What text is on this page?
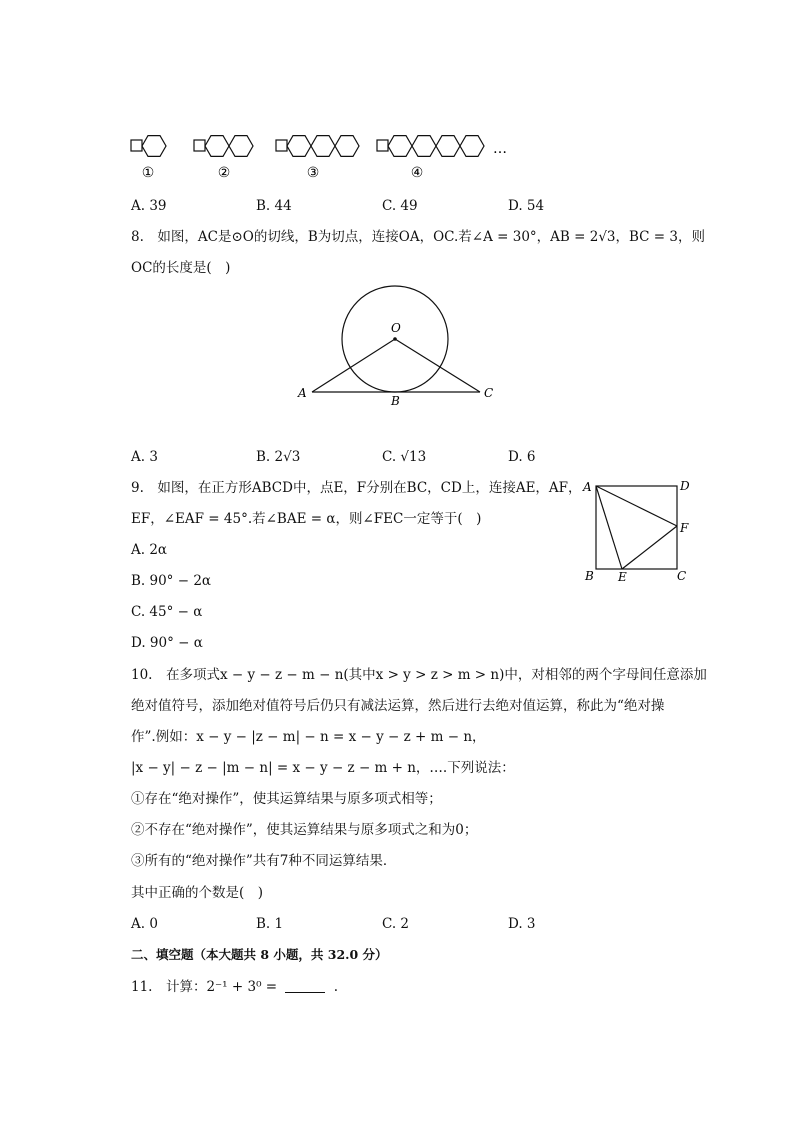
①	②	③	④
…
A. 39	B. 44	C. 49	D. 54
8.　如图，AC是⊙O的切线，B为切点，连接OA，OC.若∠A = 30°，AB = 2√3，BC = 3，则
OC的长度是(　)
O
A
B
C
A. 3	B. 2√3	C. √13	D. 6
9.　如图，在正方形ABCD中，点E，F分别在BC，CD上，连接AE，AF，
EF，∠EAF = 45°.若∠BAE = α，则∠FEC一定等于(　)
A	D
F
B E	C
A. 2α
B. 90° − 2α
C. 45° − α
D. 90° − α
10.　在多项式x − y − z − m − n(其中x > y > z > m > n)中，对相邻的两个字母间任意添加
绝对值符号，添加绝对值符号后仍只有减法运算，然后进行去绝对值运算，称此为“绝对操
作”.例如：x − y − |z − m| − n = x − y − z + m − n，
|x − y| − z − |m − n| = x − y − z − m + n，….下列说法：
①存在“绝对操作”，使其运算结果与原多项式相等；
②不存在“绝对操作”，使其运算结果与原多项式之和为0；
③所有的“绝对操作”共有7种不同运算结果．
其中正确的个数是(　)
A. 0	B. 1	C. 2	D. 3
二、填空题（本大题共 8 小题，共 32.0 分）
11.　计算：2⁻¹ + 3⁰ =	.
